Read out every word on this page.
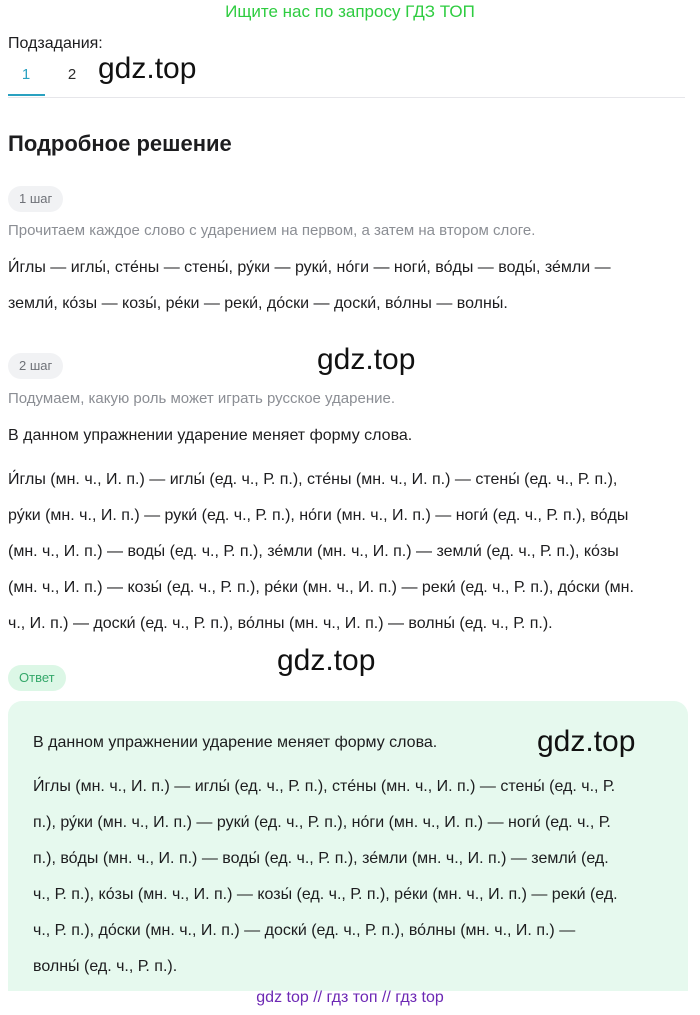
Ищите нас по запросу ГДЗ ТОП
Подзадания:
1	2 gdz.top
Подробное решение
1 шаг
Прочитаем каждое слово с ударением на первом, а затем на втором слоге.
И́глы — иглы́, сте́ны — стены́, ру́ки — руки́, но́ги — ноги́, во́ды — воды́, зе́мли —
земли́, ко́зы — козы́, ре́ки — реки́, до́ски — доски́, во́лны — волны́.
2 шаг	gdz.top
Подумаем, какую роль может играть русское ударение.
В данном упражнении ударение меняет форму слова.
И́глы (мн. ч., И. п.) — иглы́ (ед. ч., Р. п.), сте́ны (мн. ч., И. п.) — стены́ (ед. ч., Р. п.),
ру́ки (мн. ч., И. п.) — руки́ (ед. ч., Р. п.), но́ги (мн. ч., И. п.) — ноги́ (ед. ч., Р. п.), во́ды
(мн. ч., И. п.) — воды́ (ед. ч., Р. п.), зе́мли (мн. ч., И. п.) — земли́ (ед. ч., Р. п.), ко́зы
(мн. ч., И. п.) — козы́ (ед. ч., Р. п.), ре́ки (мн. ч., И. п.) — реки́ (ед. ч., Р. п.), до́ски (мн.
ч., И. п.) — доски́ (ед. ч., Р. п.), во́лны (мн. ч., И. п.) — волны́ (ед. ч., Р. п.).
gdz.top
Ответ
В данном упражнении ударение меняет форму слова.	gdz.top
И́глы (мн. ч., И. п.) — иглы́ (ед. ч., Р. п.), сте́ны (мн. ч., И. п.) — стены́ (ед. ч., Р.
п.), ру́ки (мн. ч., И. п.) — руки́ (ед. ч., Р. п.), но́ги (мн. ч., И. п.) — ноги́ (ед. ч., Р.
п.), во́ды (мн. ч., И. п.) — воды́ (ед. ч., Р. п.), зе́мли (мн. ч., И. п.) — земли́ (ед.
ч., Р. п.), ко́зы (мн. ч., И. п.) — козы́ (ед. ч., Р. п.), ре́ки (мн. ч., И. п.) — реки́ (ед.
ч., Р. п.), до́ски (мн. ч., И. п.) — доски́ (ед. ч., Р. п.), во́лны (мн. ч., И. п.) —
волны́ (ед. ч., Р. п.).
gdz top // гдз топ // гдз top
